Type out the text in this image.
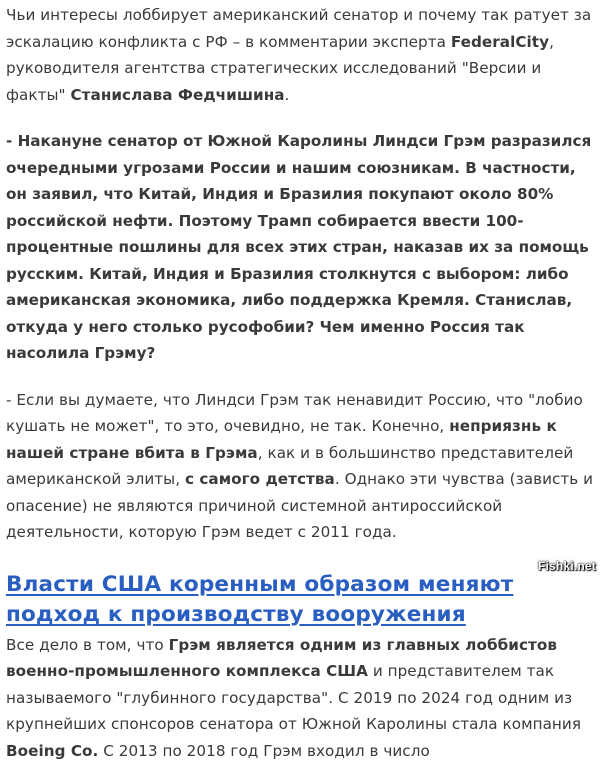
Чьи интересы лоббирует американский сенатор и почему так ратует за эскалацию конфликта с РФ – в комментарии эксперта FederalCity, руководителя агентства стратегических исследований "Версии и факты" Станислава Федчишина.

- Накануне сенатор от Южной Каролины Линдси Грэм разразился очередными угрозами России и нашим союзникам. В частности, он заявил, что Китай, Индия и Бразилия покупают около 80% российской нефти. Поэтому Трамп собирается ввести 100-процентные пошлины для всех этих стран, наказав их за помощь русским. Китай, Индия и Бразилия столкнутся с выбором: либо американская экономика, либо поддержка Кремля. Станислав, откуда у него столько русофобии? Чем именно Россия так насолила Грэму?

- Если вы думаете, что Линдси Грэм так ненавидит Россию, что "лобио кушать не может", то это, очевидно, не так. Конечно, неприязнь к нашей стране вбита в Грэма, как и в большинство представителей американской элиты, с самого детства. Однако эти чувства (зависть и опасение) не являются причиной системной антироссийской деятельности, которую Грэм ведет с 2011 года.

Власти США коренным образом меняют подход к производству вооружения

Все дело в том, что Грэм является одним из главных лоббистов военно-промышленного комплекса США и представителем так называемого "глубинного государства". С 2019 по 2024 год одним из крупнейших спонсоров сенатора от Южной Каролины стала компания Boeing Co. С 2013 по 2018 год Грэм входил в число

Fishki.net
